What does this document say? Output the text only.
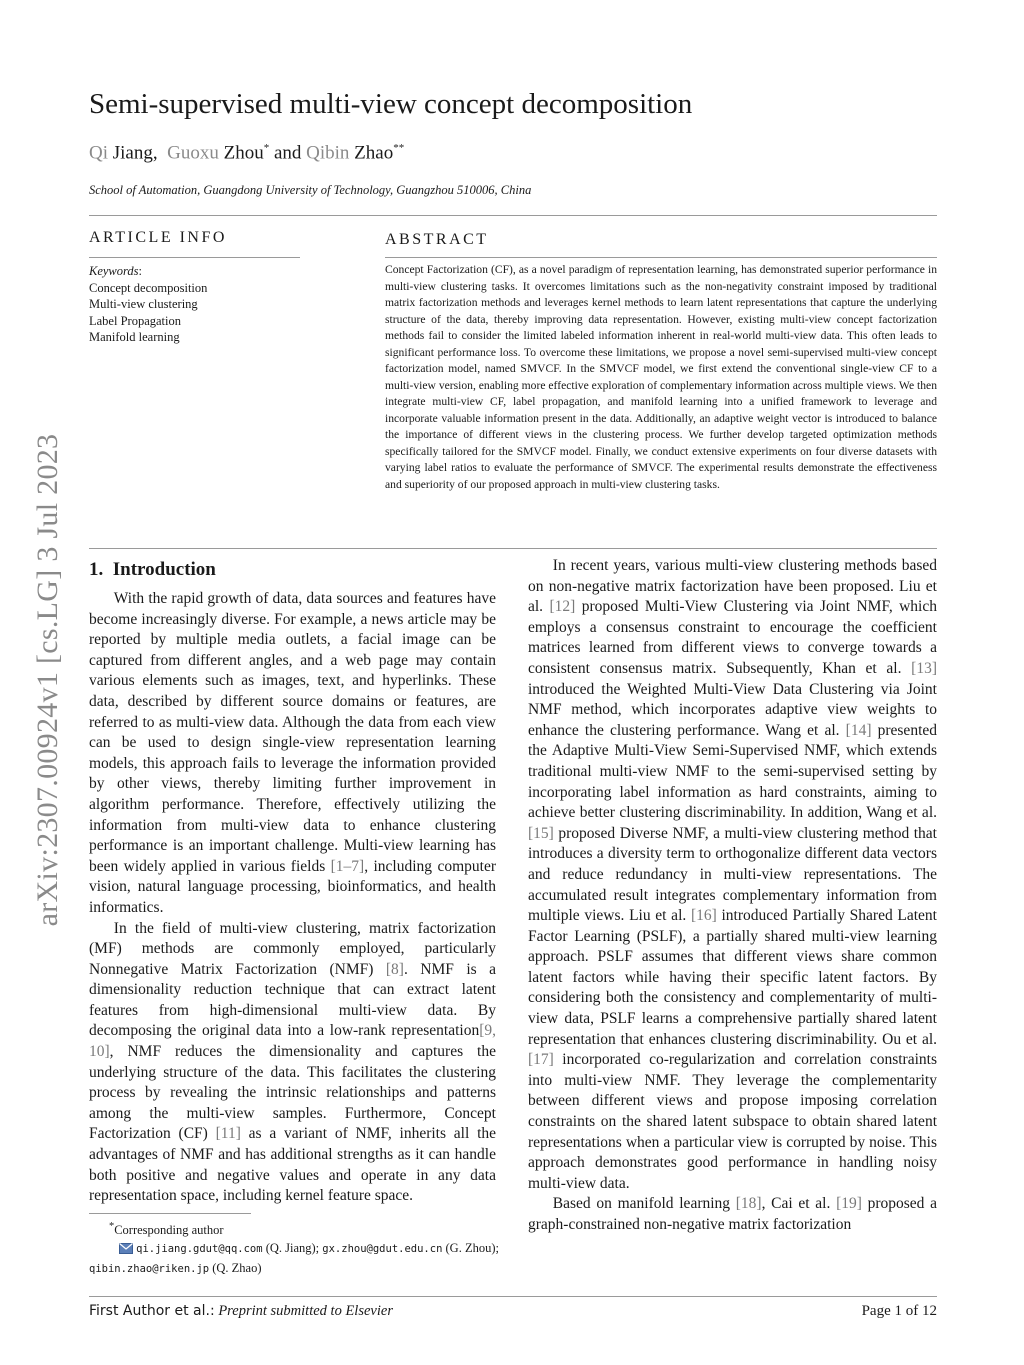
arXiv:2307.00924v1 [cs.LG] 3 Jul 2023
Semi-supervised multi-view concept decomposition
Qi Jiang, Guoxu Zhou* and Qibin Zhao**
School of Automation, Guangdong University of Technology, Guangzhou 510006, China
ARTICLE INFO
Keywords:
Concept decomposition
Multi-view clustering
Label Propagation
Manifold learning
ABSTRACT
Concept Factorization (CF), as a novel paradigm of representation learning, has demonstrated superior performance in multi-view clustering tasks. It overcomes limitations such as the non-negativity constraint imposed by traditional matrix factorization methods and leverages kernel methods to learn latent representations that capture the underlying structure of the data, thereby improving data representation. However, existing multi-view concept factorization methods fail to consider the limited labeled information inherent in real-world multi-view data. This often leads to significant performance loss. To overcome these limitations, we propose a novel semi-supervised multi-view concept factorization model, named SMVCF. In the SMVCF model, we first extend the conventional single-view CF to a multi-view version, enabling more effective exploration of complementary information across multiple views. We then integrate multi-view CF, label propagation, and manifold learning into a unified framework to leverage and incorporate valuable information present in the data. Additionally, an adaptive weight vector is introduced to balance the importance of different views in the clustering process. We further develop targeted optimization methods specifically tailored for the SMVCF model. Finally, we conduct extensive experiments on four diverse datasets with varying label ratios to evaluate the performance of SMVCF. The experimental results demonstrate the effectiveness and superiority of our proposed approach in multi-view clustering tasks.
1. Introduction

With the rapid growth of data, data sources and features have become increasingly diverse. For example, a news article may be reported by multiple media outlets, a facial image can be captured from different angles, and a web page may contain various elements such as images, text, and hyperlinks. These data, described by different source domains or features, are referred to as multi-view data. Although the data from each view can be used to design single-view representation learning models, this approach fails to leverage the information provided by other views, thereby limiting further improvement in algorithm performance. Therefore, effectively utilizing the information from multi-view data to enhance clustering performance is an important challenge. Multi-view learning has been widely applied in various fields [1–7], including computer vision, natural language processing, bioinformatics, and health informatics.

In the field of multi-view clustering, matrix factorization (MF) methods are commonly employed, particularly Nonnegative Matrix Factorization (NMF) [8]. NMF is a dimensionality reduction technique that can extract latent features from high-dimensional multi-view data. By decomposing the original data into a low-rank representation[9, 10], NMF reduces the dimensionality and captures the underlying structure of the data. This facilitates the clustering process by revealing the intrinsic relationships and patterns among the multi-view samples. Furthermore, Concept Factorization (CF) [11] as a variant of NMF, inherits all the advantages of NMF and has additional strengths as it can handle both positive and negative values and operate in any data representation space, including kernel feature space.

In recent years, various multi-view clustering methods based on non-negative matrix factorization have been proposed. Liu et al. [12] proposed Multi-View Clustering via Joint NMF, which employs a consensus constraint to encourage the coefficient matrices learned from different views to converge towards a consistent consensus matrix. Subsequently, Khan et al. [13] introduced the Weighted Multi-View Data Clustering via Joint NMF method, which incorporates adaptive view weights to enhance the clustering performance. Wang et al. [14] presented the Adaptive Multi-View Semi-Supervised NMF, which extends traditional multi-view NMF to the semi-supervised setting by incorporating label information as hard constraints, aiming to achieve better clustering discriminability. In addition, Wang et al. [15] proposed Diverse NMF, a multi-view clustering method that introduces a diversity term to orthogonalize different data vectors and reduce redundancy in multi-view representations. The accumulated result integrates complementary information from multiple views. Liu et al. [16] introduced Partially Shared Latent Factor Learning (PSLF), a partially shared multi-view learning approach. PSLF assumes that different views share common latent factors while having their specific latent factors. By considering both the consistency and complementarity of multi-view data, PSLF learns a comprehensive partially shared latent representation that enhances clustering discriminability. Ou et al. [17] incorporated co-regularization and correlation constraints into multi-view NMF. They leverage the complementarity between different views and propose imposing correlation constraints on the shared latent subspace to obtain shared latent representations when a particular view is corrupted by noise. This approach demonstrates good performance in handling noisy multi-view data.

Based on manifold learning [18], Cai et al. [19] proposed a graph-constrained non-negative matrix factorization

*Corresponding author
qi.jiang.gdut@qq.com (Q. Jiang); gx.zhou@gdut.edu.cn (G. Zhou);
qibin.zhao@riken.jp (Q. Zhao)
First Author et al.: Preprint submitted to Elsevier	Page 1 of 12
